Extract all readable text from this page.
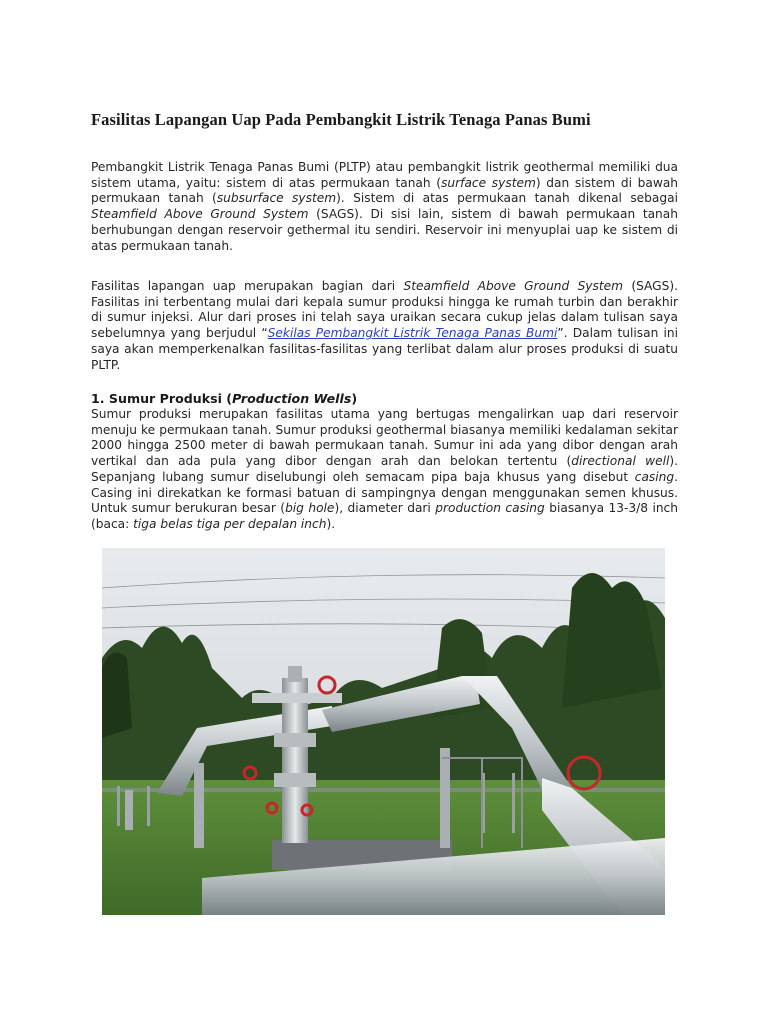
Fasilitas Lapangan Uap Pada Pembangkit Listrik Tenaga Panas Bumi

Pembangkit Listrik Tenaga Panas Bumi (PLTP) atau pembangkit listrik geothermal memiliki dua sistem utama, yaitu: sistem di atas permukaan tanah (surface system) dan sistem di bawah permukaan tanah (subsurface system). Sistem di atas permukaan tanah dikenal sebagai Steamfield Above Ground System (SAGS). Di sisi lain, sistem di bawah permukaan tanah berhubungan dengan reservoir gethermal itu sendiri. Reservoir ini menyuplai uap ke sistem di atas permukaan tanah.

Fasilitas lapangan uap merupakan bagian dari Steamfield Above Ground System (SAGS). Fasilitas ini terbentang mulai dari kepala sumur produksi hingga ke rumah turbin dan berakhir di sumur injeksi. Alur dari proses ini telah saya uraikan secara cukup jelas dalam tulisan saya sebelumnya yang berjudul “Sekilas Pembangkit Listrik Tenaga Panas Bumi”. Dalam tulisan ini saya akan memperkenalkan fasilitas-fasilitas yang terlibat dalam alur proses produksi di suatu PLTP.

1. Sumur Produksi (Production Wells)

Sumur produksi merupakan fasilitas utama yang bertugas mengalirkan uap dari reservoir menuju ke permukaan tanah. Sumur produksi geothermal biasanya memiliki kedalaman sekitar 2000 hingga 2500 meter di bawah permukaan tanah. Sumur ini ada yang dibor dengan arah vertikal dan ada pula yang dibor dengan arah dan belokan tertentu (directional well). Sepanjang lubang sumur diselubungi oleh semacam pipa baja khusus yang disebut casing. Casing ini direkatkan ke formasi batuan di sampingnya dengan menggunakan semen khusus. Untuk sumur berukuran besar (big hole), diameter dari production casing biasanya 13-3/8 inch (baca: tiga belas tiga per depalan inch).
